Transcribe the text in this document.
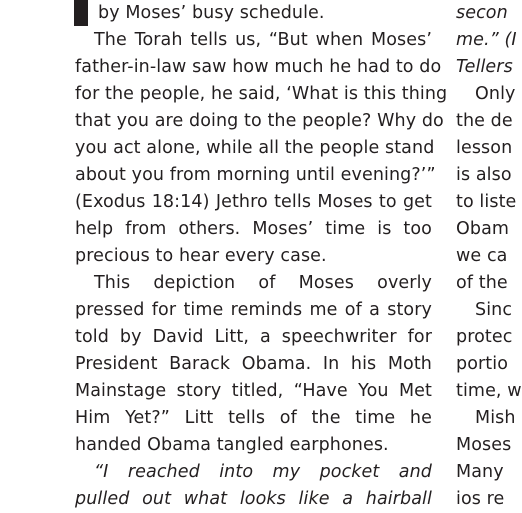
by Moses’ busy schedule.
The Torah tells us, “But when Moses’
father-in-law saw how much he had to do
for the people, he said, ‘What is this thing
that you are doing to the people? Why do
you act alone, while all the people stand
about you from morning until evening?’”
(Exodus 18:14) Jethro tells Moses to get
help from others. Moses’ time is too
precious to hear every case.
This depiction of Moses overly
pressed for time reminds me of a story
told by David Litt, a speechwriter for
President Barack Obama. In his Moth
Mainstage story titled, “Have You Met
Him Yet?” Litt tells of the time he
handed Obama tangled earphones.
“I reached into my pocket and
pulled out what looks like a hairball
secon
me.” (I
Tellers
Only
the de
lesson
is also
to liste
Obam
we ca
of the
Sinc
protec
portio
time, w
Mish
Moses
Many
ios re
